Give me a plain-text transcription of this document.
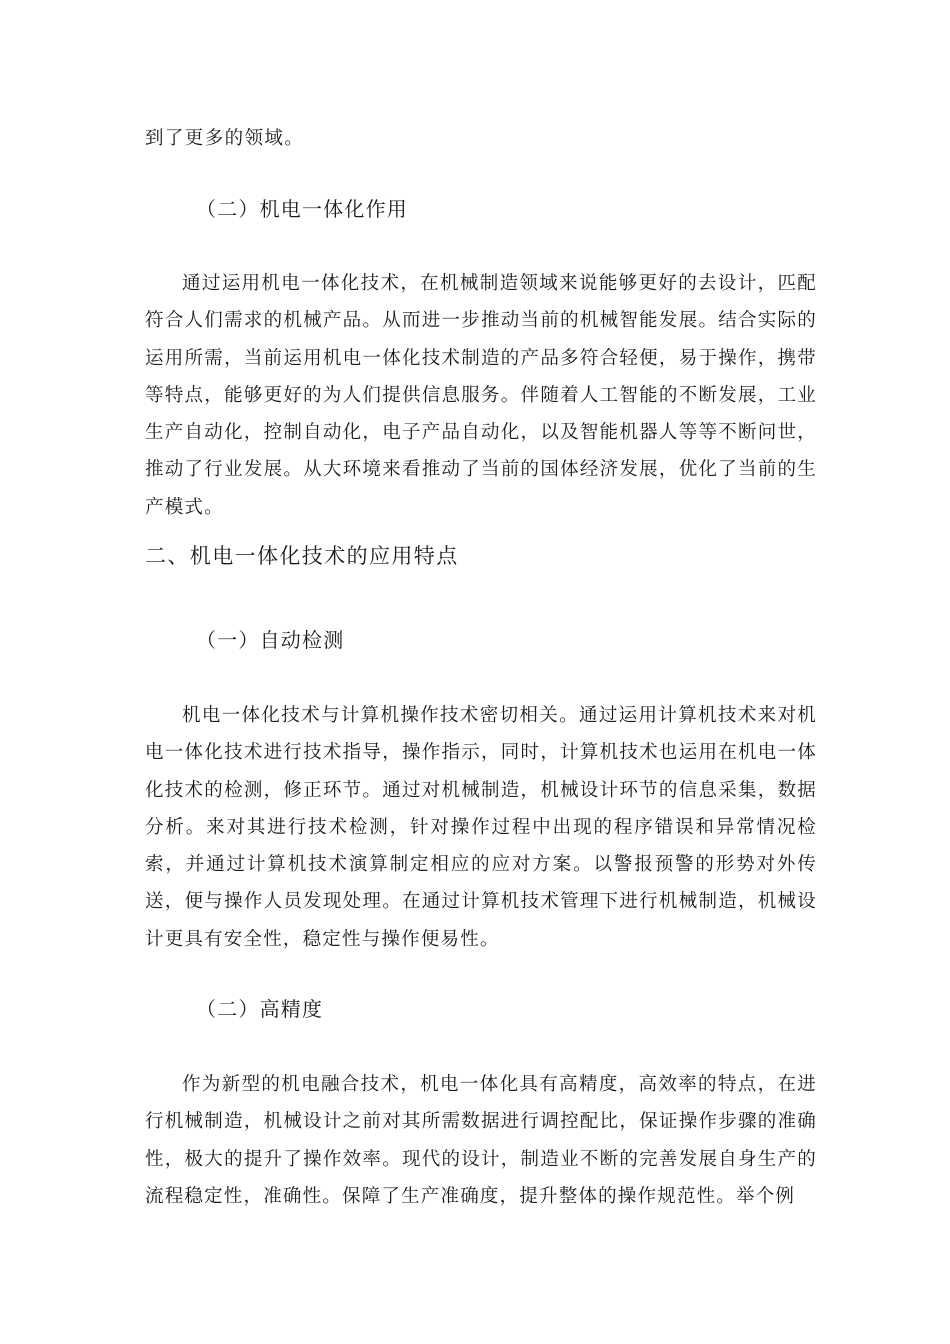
到了更多的领域。
（二）机电一体化作用

通过运用机电一体化技术，在机械制造领域来说能够更好的去设计，匹配符合人们需求的机械产品。从而进一步推动当前的机械智能发展。结合实际的运用所需，当前运用机电一体化技术制造的产品多符合轻便，易于操作，携带等特点，能够更好的为人们提供信息服务。伴随着人工智能的不断发展，工业生产自动化，控制自动化，电子产品自动化，以及智能机器人等等不断问世，推动了行业发展。从大环境来看推动了当前的国体经济发展，优化了当前的生产模式。

二、机电一体化技术的应用特点
（一）自动检测

机电一体化技术与计算机操作技术密切相关。通过运用计算机技术来对机电一体化技术进行技术指导，操作指示，同时，计算机技术也运用在机电一体化技术的检测，修正环节。通过对机械制造，机械设计环节的信息采集，数据分析。来对其进行技术检测，针对操作过程中出现的程序错误和异常情况检索，并通过计算机技术演算制定相应的应对方案。以警报预警的形势对外传送，便与操作人员发现处理。在通过计算机技术管理下进行机械制造，机械设计更具有安全性，稳定性与操作便易性。

（二）高精度

作为新型的机电融合技术，机电一体化具有高精度，高效率的特点，在进行机械制造，机械设计之前对其所需数据进行调控配比，保证操作步骤的准确性，极大的提升了操作效率。现代的设计，制造业不断的完善发展自身生产的流程稳定性，准确性。保障了生产准确度，提升整体的操作规范性。举个例
